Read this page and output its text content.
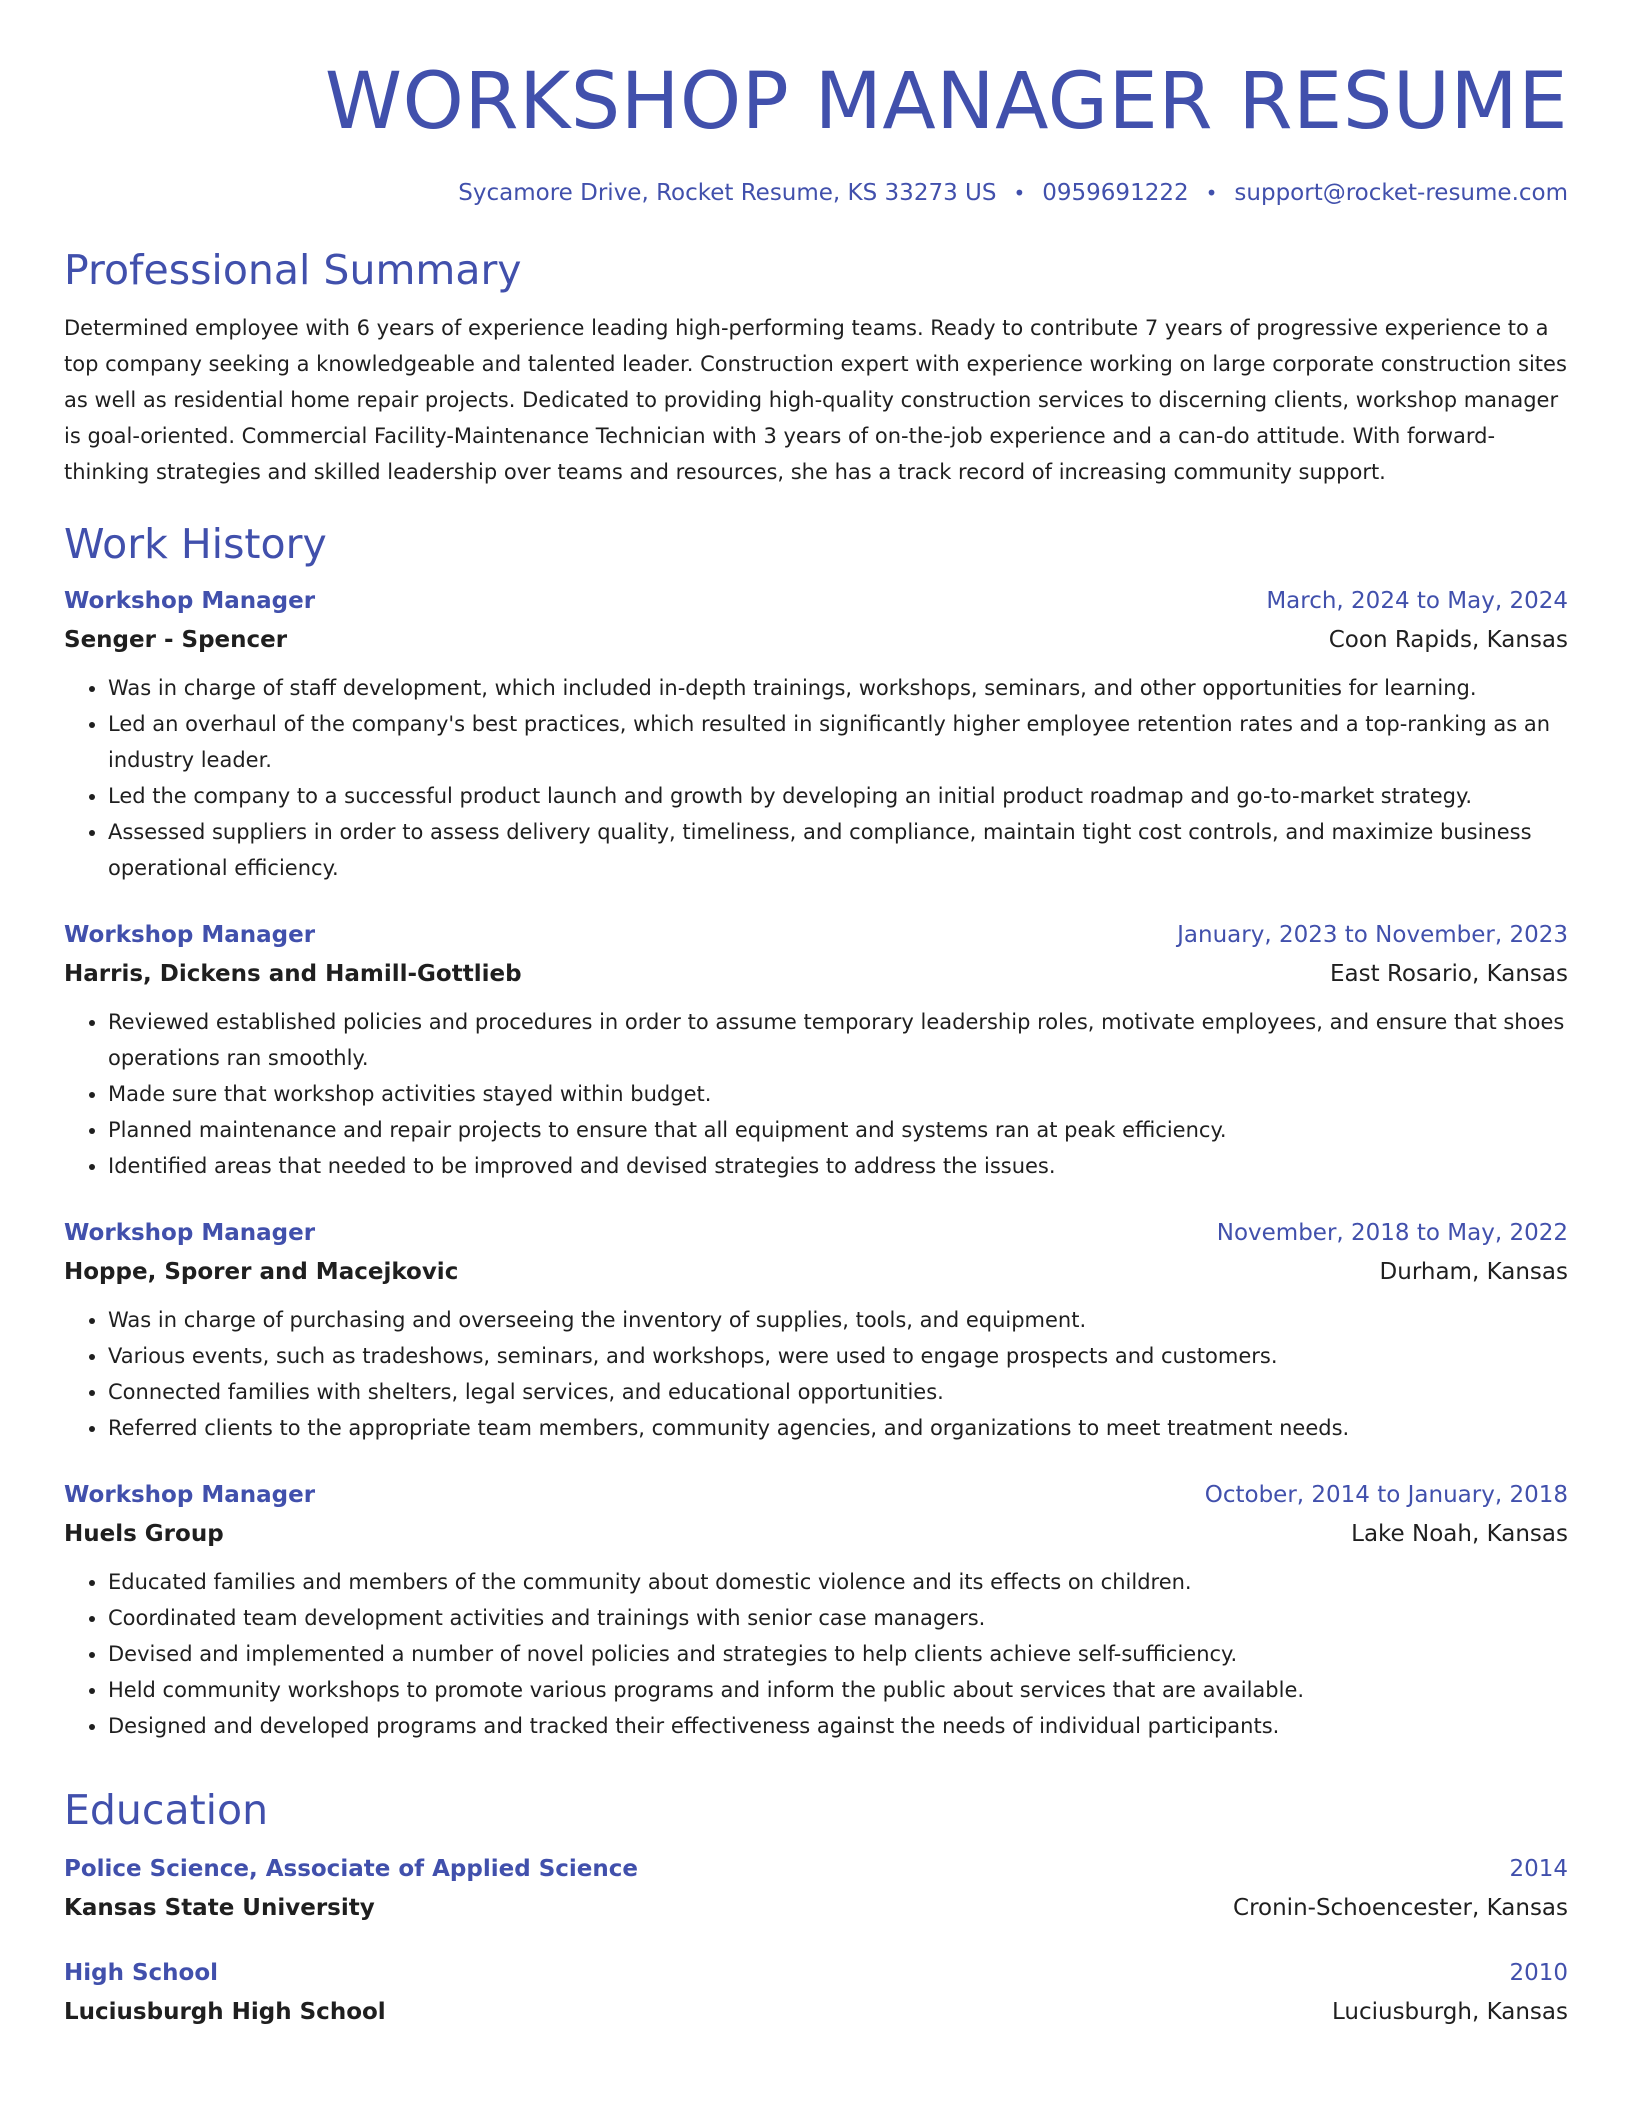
WORKSHOP MANAGER RESUME
Sycamore Drive, Rocket Resume, KS 33273 US • 0959691222 • support@rocket-resume.com
Professional Summary
Determined employee with 6 years of experience leading high-performing teams. Ready to contribute 7 years of progressive experience to a top company seeking a knowledgeable and talented leader. Construction expert with experience working on large corporate construction sites as well as residential home repair projects. Dedicated to providing high-quality construction services to discerning clients, workshop manager is goal-oriented. Commercial Facility-Maintenance Technician with 3 years of on-the-job experience and a can-do attitude. With forward-thinking strategies and skilled leadership over teams and resources, she has a track record of increasing community support.
Work History
Workshop Manager	March, 2024 to May, 2024
Senger - Spencer	Coon Rapids, Kansas
• Was in charge of staff development, which included in-depth trainings, workshops, seminars, and other opportunities for learning.
• Led an overhaul of the company's best practices, which resulted in significantly higher employee retention rates and a top-ranking as an industry leader.
• Led the company to a successful product launch and growth by developing an initial product roadmap and go-to-market strategy.
• Assessed suppliers in order to assess delivery quality, timeliness, and compliance, maintain tight cost controls, and maximize business operational efficiency.
Workshop Manager	January, 2023 to November, 2023
Harris, Dickens and Hamill-Gottlieb	East Rosario, Kansas
• Reviewed established policies and procedures in order to assume temporary leadership roles, motivate employees, and ensure that shoes operations ran smoothly.
• Made sure that workshop activities stayed within budget.
• Planned maintenance and repair projects to ensure that all equipment and systems ran at peak efficiency.
• Identified areas that needed to be improved and devised strategies to address the issues.
Workshop Manager	November, 2018 to May, 2022
Hoppe, Sporer and Macejkovic	Durham, Kansas
• Was in charge of purchasing and overseeing the inventory of supplies, tools, and equipment.
• Various events, such as tradeshows, seminars, and workshops, were used to engage prospects and customers.
• Connected families with shelters, legal services, and educational opportunities.
• Referred clients to the appropriate team members, community agencies, and organizations to meet treatment needs.
Workshop Manager	October, 2014 to January, 2018
Huels Group	Lake Noah, Kansas
• Educated families and members of the community about domestic violence and its effects on children.
• Coordinated team development activities and trainings with senior case managers.
• Devised and implemented a number of novel policies and strategies to help clients achieve self-sufficiency.
• Held community workshops to promote various programs and inform the public about services that are available.
• Designed and developed programs and tracked their effectiveness against the needs of individual participants.
Education
Police Science, Associate of Applied Science	2014
Kansas State University	Cronin-Schoencester, Kansas
High School	2010
Luciusburgh High School	Luciusburgh, Kansas
